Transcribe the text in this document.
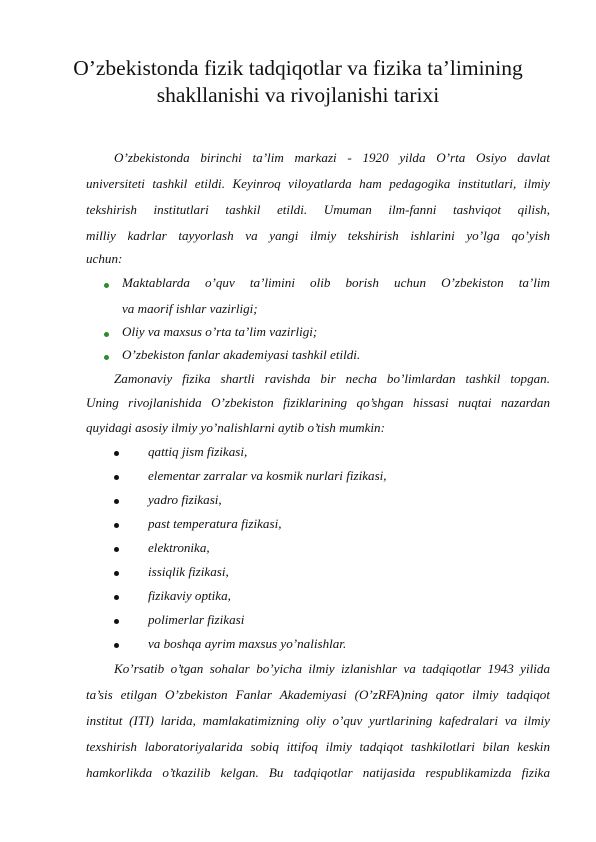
O’zbekistonda fizik tadqiqotlar va fizika ta’limining
shakllanishi va rivojlanishi tarixi
O’zbekistonda birinchi ta’lim markazi - 1920 yilda O’rta Osiyo davlat
universiteti tashkil etildi. Keyinroq viloyatlarda ham pedagogika institutlari, ilmiy
tekshirish institutlari tashkil etildi. Umuman ilm-fanni tashviqot qilish,
milliy kadrlar tayyorlash va yangi ilmiy tekshirish ishlarini yo’lga qo’yish
uchun:
Maktablarda o’quv ta’limini olib borish uchun O’zbekiston ta’lim
va maorif ishlar vazirligi;
Oliy va maxsus o’rta ta’lim vazirligi;
O’zbekiston fanlar akademiyasi tashkil etildi.
Zamonaviy fizika shartli ravishda bir necha bo’limlardan tashkil topgan.
Uning rivojlanishida O’zbekiston fiziklarining qo’shgan hissasi nuqtai nazardan
quyidagi asosiy ilmiy yo’nalishlarni aytib o’tish mumkin:
qattiq jism fizikasi,
elementar zarralar va kosmik nurlari fizikasi,
yadro fizikasi,
past temperatura fizikasi,
elektronika,
issiqlik fizikasi,
fizikaviy optika,
polimerlar fizikasi
va boshqa ayrim maxsus yo’nalishlar.
Ko’rsatib o’tgan sohalar bo’yicha ilmiy izlanishlar va tadqiqotlar 1943 yilida
ta’sis etilgan O’zbekiston Fanlar Akademiyasi (O’zRFA)ning qator ilmiy tadqiqot
institut (ITI) larida, mamlakatimizning oliy o’quv yurtlarining kafedralari va ilmiy
texshirish laboratoriyalarida sobiq ittifoq ilmiy tadqiqot tashkilotlari bilan keskin
hamkorlikda o’tkazilib kelgan. Bu tadqiqotlar natijasida respublikamizda fizika
